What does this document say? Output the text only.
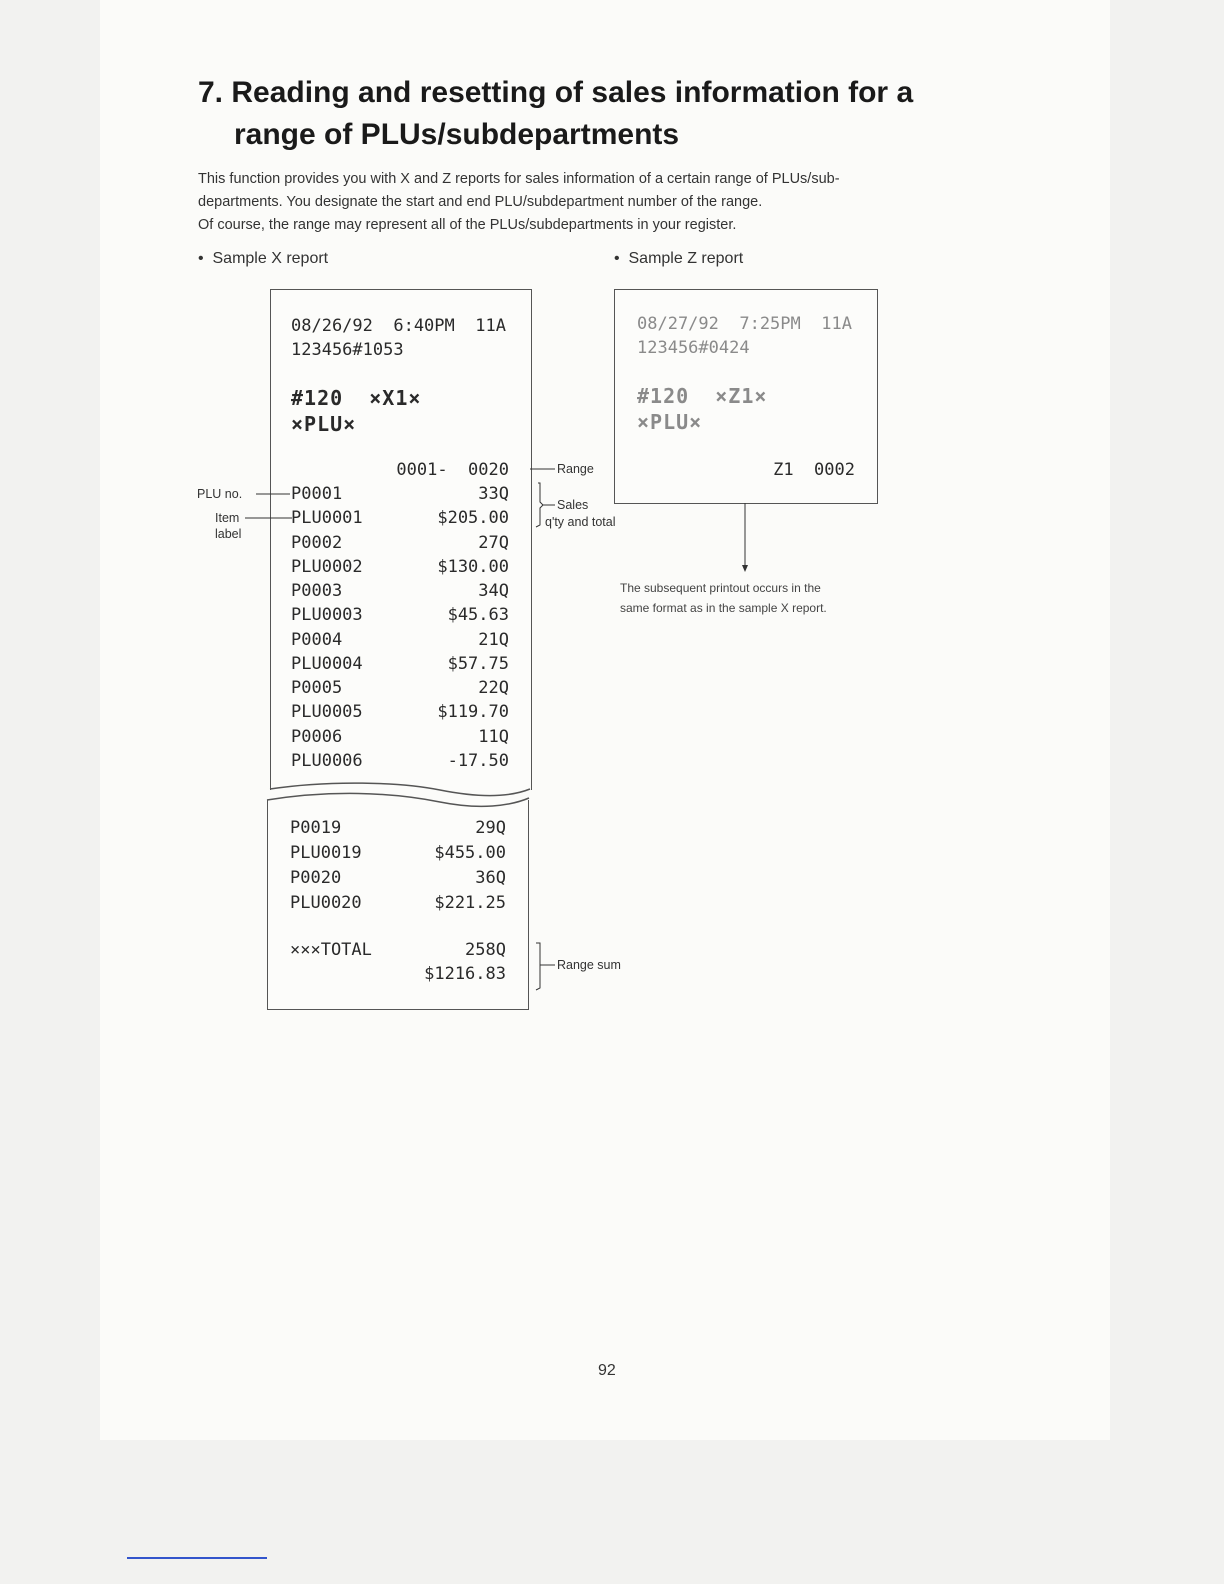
7. Reading and resetting of sales information for a
range of PLUs/subdepartments

This function provides you with X and Z reports for sales information of a certain range of PLUs/sub-

departments. You designate the start and end PLU/subdepartment number of the range.

Of course, the range may represent all of the PLUs/subdepartments in your register.

•  Sample X report	•  Sample Z report
08/26/92  6:40PM  11A
123456#1053
#120  ×X1×
×PLU×
0001-  0020
P0001	33Q
PLU0001	$205.00
P0002	27Q
PLU0002	$130.00
P0003	34Q
PLU0003	$45.63
P0004	21Q
PLU0004	$57.75
P0005	22Q
PLU0005	$119.70
P0006	11Q
PLU0006	-17.50
P0019	29Q
PLU0019	$455.00
P0020	36Q
PLU0020	$221.25
×××TOTAL	258Q
$1216.83
08/27/92  7:25PM  11A
123456#0424
#120  ×Z1×
×PLU×
Z1  0002
PLU no.
Item
label
Range
Sales
q'ty and total
Range sum
The subsequent printout occurs in the
same format as in the sample X report.
92
